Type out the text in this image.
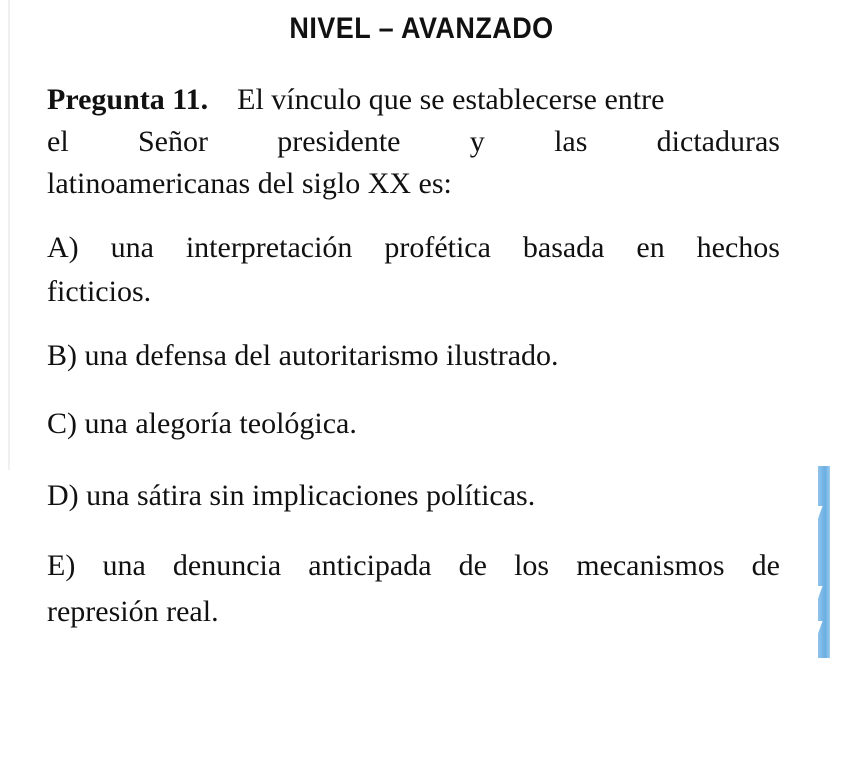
NIVEL – AVANZADO
Pregunta 11. El vínculo que se establecerse entre
el Señor presidente y las dictaduras
latinoamericanas del siglo XX es:
A) una interpretación profética basada en hechos
ficticios.
B) una defensa del autoritarismo ilustrado.
C) una alegoría teológica.
D) una sátira sin implicaciones políticas.
E) una denuncia anticipada de los mecanismos de
represión real.
